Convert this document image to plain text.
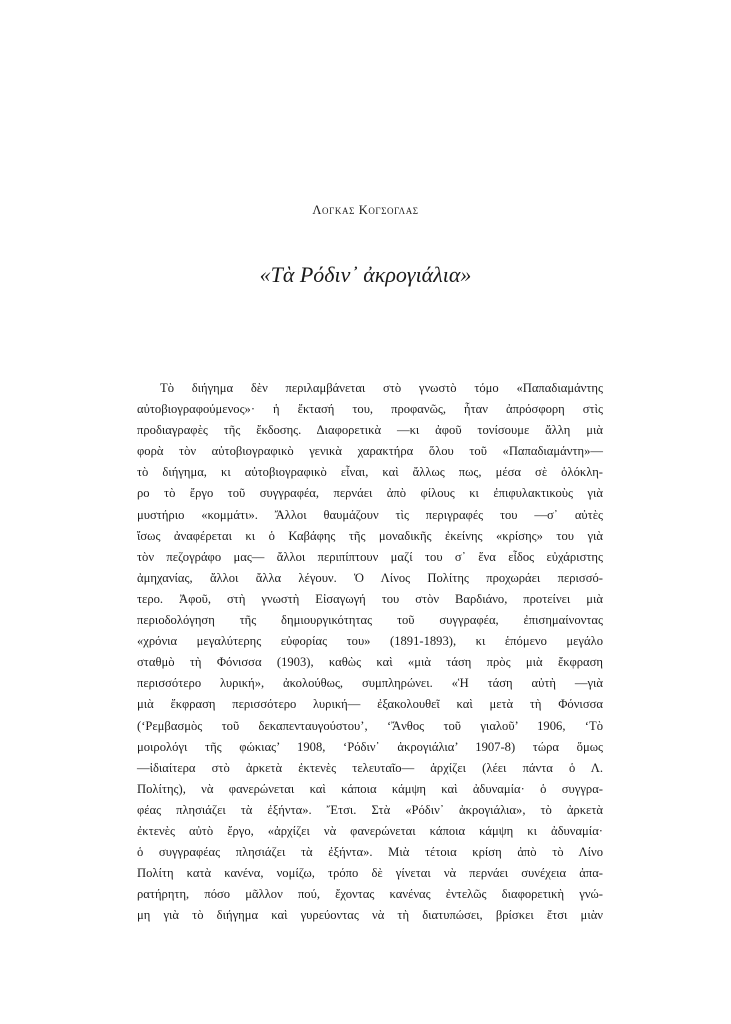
Λογκας Κογσογλας
«Τὰ Ρόδιν᾽ ἀκρογιάλια»
Τὸ διήγημα δὲν περιλαμβάνεται στὸ γνωστὸ τόμο «Παπαδιαμάντης
αὐτοβιογραφούμενος»· ἡ ἔκτασή του, προφανῶς, ἦταν ἀπρόσφορη στὶς
προδιαγραφὲς τῆς ἔκδοσης. Διαφορετικὰ —κι ἀφοῦ τονίσουμε ἄλλη μιὰ
φορὰ τὸν αὐτοβιογραφικὸ γενικὰ χαρακτήρα ὅλου τοῦ «Παπαδιαμάντη»—
τὸ διήγημα, κι αὐτοβιογραφικὸ εἶναι, καὶ ἄλλως πως, μέσα σὲ ὁλόκλη-
ρο τὸ ἔργο τοῦ συγγραφέα, περνάει ἀπὸ φίλους κι ἐπιφυλακτικοὺς γιὰ
μυστήριο «κομμάτι». Ἄλλοι θαυμάζουν τὶς περιγραφές του —σ᾽ αὐτὲς
ἴσως ἀναφέρεται κι ὁ Καβάφης τῆς μοναδικῆς ἐκείνης «κρίσης» του γιὰ
τὸν πεζογράφο μας— ἄλλοι περιπίπτουν μαζί του σ᾽ ἕνα εἶδος εὐχάριστης
ἀμηχανίας, ἄλλοι ἄλλα λέγουν. Ὁ Λίνος Πολίτης προχωράει περισσό-
τερο. Ἀφοῦ, στὴ γνωστὴ Εἰσαγωγή του στὸν Βαρδιάνο, προτείνει μιὰ
περιοδολόγηση τῆς δημιουργικότητας τοῦ συγγραφέα, ἐπισημαίνοντας
«χρόνια μεγαλύτερης εὐφορίας του» (1891-1893), κι ἑπόμενο μεγάλο
σταθμὸ τὴ Φόνισσα (1903), καθὼς καὶ «μιὰ τάση πρὸς μιὰ ἔκφραση
περισσότερο λυρική», ἀκολούθως, συμπληρώνει. «Ἡ τάση αὐτὴ —γιὰ
μιὰ ἔκφραση περισσότερο λυρική— ἐξακολουθεῖ καὶ μετὰ τὴ Φόνισσα
(‘Ρεμβασμὸς τοῦ δεκαπενταυγούστου’, ‘Ἄνθος τοῦ γιαλοῦ’ 1906, ‘Τὸ
μοιρολόγι τῆς φώκιας’ 1908, ‘Ρόδιν᾽ ἀκρογιάλια’ 1907-8) τώρα ὅμως
—ἰδιαίτερα στὸ ἀρκετὰ ἐκτενὲς τελευταῖο— ἀρχίζει (λέει πάντα ὁ Λ.
Πολίτης), νὰ φανερώνεται καὶ κάποια κάμψη καὶ ἀδυναμία· ὁ συγγρα-
φέας πλησιάζει τὰ ἐξήντα». Ἔτσι. Στὰ «Ρόδιν᾽ ἀκρογιάλια», τὸ ἀρκετὰ
ἐκτενὲς αὐτὸ ἔργο, «ἀρχίζει νὰ φανερώνεται κάποια κάμψη κι ἀδυναμία·
ὁ συγγραφέας πλησιάζει τὰ ἐξήντα». Μιὰ τέτοια κρίση ἀπὸ τὸ Λίνο
Πολίτη κατὰ κανένα, νομίζω, τρόπο δὲ γίνεται νὰ περνάει συνέχεια ἀπα-
ρατήρητη, πόσο μᾶλλον πού, ἔχοντας κανένας ἐντελῶς διαφορετικὴ γνώ-
μη γιὰ τὸ διήγημα καὶ γυρεύοντας νὰ τὴ διατυπώσει, βρίσκει ἔτσι μιὰν
